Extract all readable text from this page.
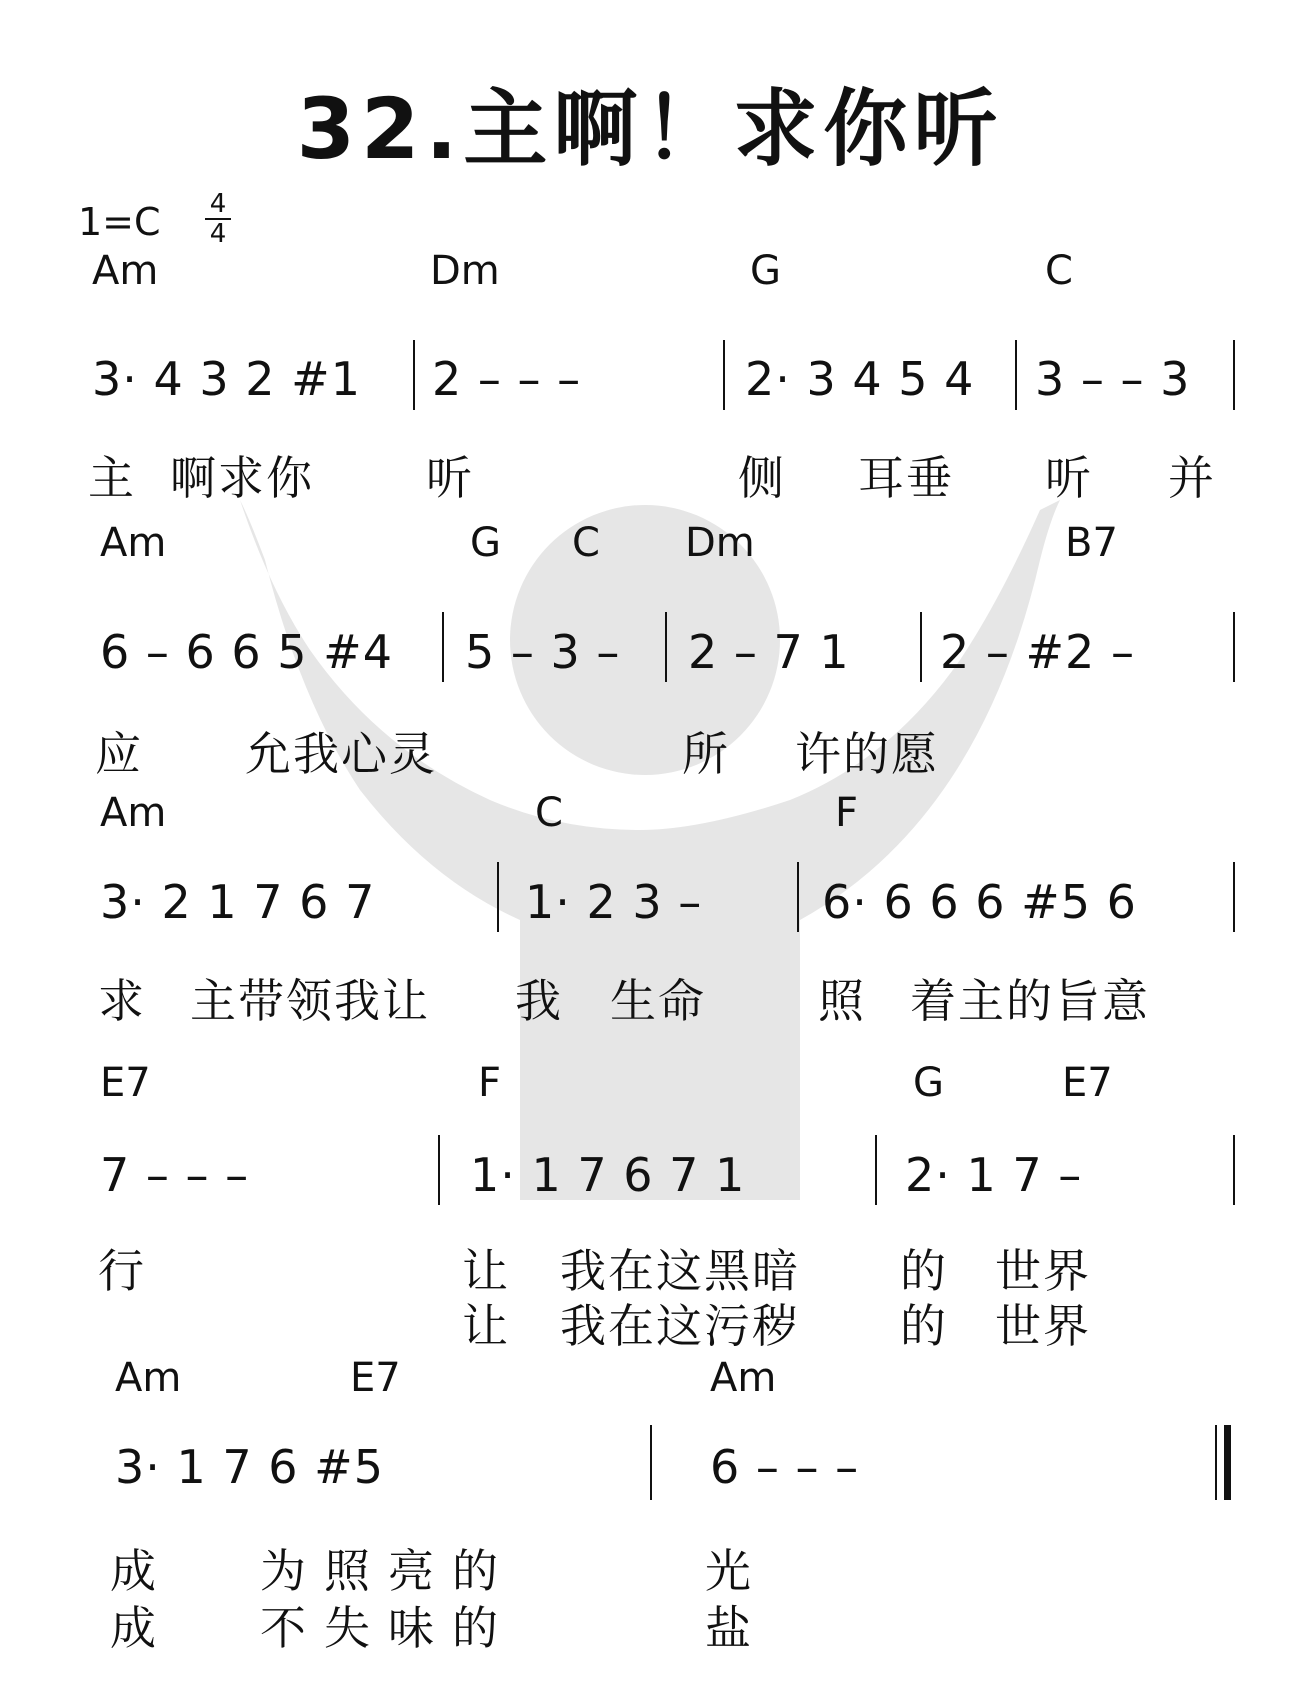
32.主啊！求你听
$1=C \frac{4}{4}$
Am	Dm	G	C
3· 4 3 2 #1 2 – – –	2· 3 4 5 4 3 – – 3
主 啊求你 听	侧 耳垂 听 并
Am	G C Dm	B7
6 – 6 6 5 #4 5 – 3 – 2 – 7 1 2 – #2 –
应 允我心灵	所 许的愿
Am	C	F
3· 2 1 7 6 7	1· 2 3 –	6· 6 6 6 #5 6
求 主带领我让 我 生命 照 着主的旨意
E7	F	G	E7
7 – – –	1· 1 7 6 7 1	2· 1 7 –
行	让 我在这黑暗 的 世界
让 我在这污秽 的 世界
Am	E7	Am
3· 1 7 6 #5	6 – – –
成 为照亮的	光
成 不失味的	盐
